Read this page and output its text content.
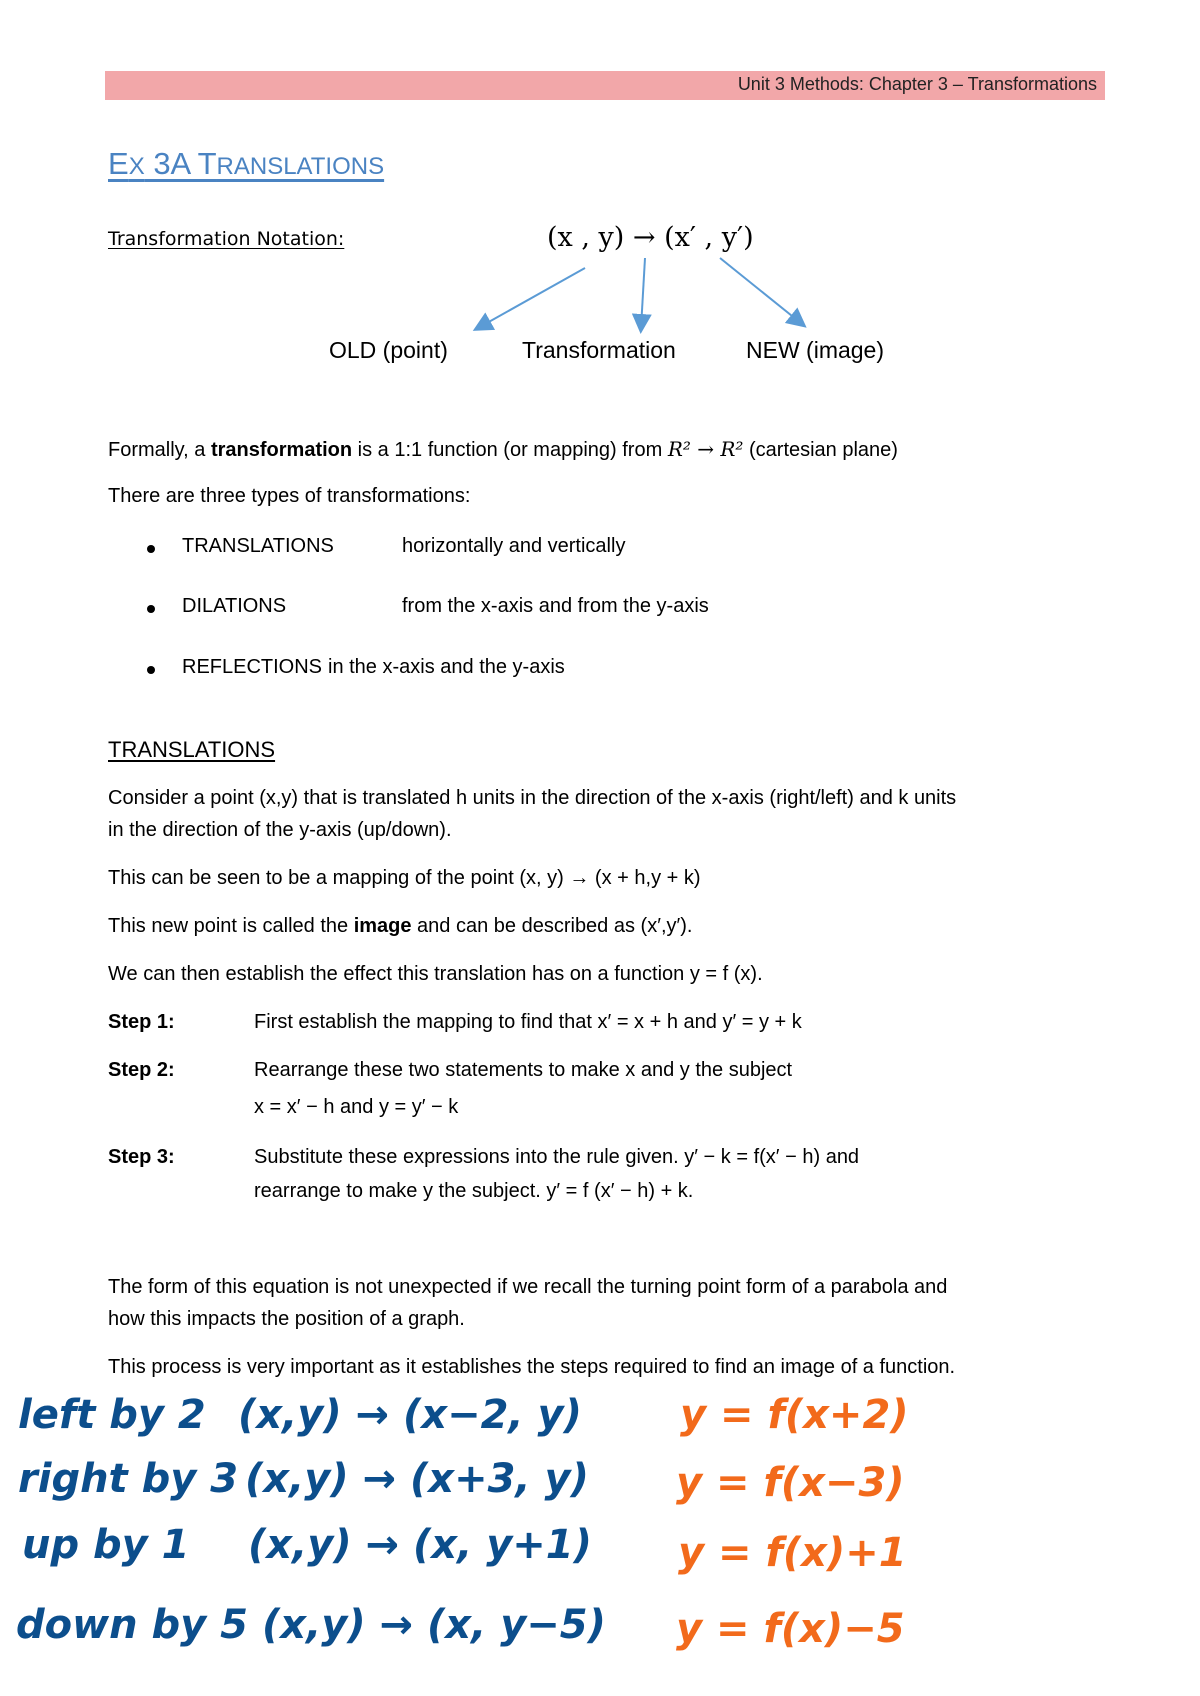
Unit 3 Methods: Chapter 3 – Transformations
EX 3A TRANSLATIONS
Transformation Notation:	(x , y) → (x′ , y′)
OLD (point)	Transformation	NEW (image)
Formally, a transformation is a 1:1 function (or mapping) from R² → R² (cartesian plane)
There are three types of transformations:
TRANSLATIONS	horizontally and vertically
DILATIONS	from the x-axis and from the y-axis
REFLECTIONS in the x-axis and the y-axis
TRANSLATIONS
Consider a point (x,y) that is translated h units in the direction of the x-axis (right/left) and k units
in the direction of the y-axis (up/down).
This can be seen to be a mapping of the point (x, y) → (x + h,y + k)
This new point is called the image and can be described as (x′,y′).
We can then establish the effect this translation has on a function y = f (x).
Step 1:	First establish the mapping to find that x′ = x + h and y′ = y + k
Step 2:	Rearrange these two statements to make x and y the subject
x = x′ − h and y = y′ − k
Step 3:	Substitute these expressions into the rule given. y′ − k = f(x′ − h) and
rearrange to make y the subject. y′ = f (x′ − h) + k.
The form of this equation is not unexpected if we recall the turning point form of a parabola and
how this impacts the position of a graph.
This process is very important as it establishes the steps required to find an image of a function.
left by 2 (x,y) → (x−2, y) y = f(x+2)
right by 3 (x,y) → (x+3, y) y = f(x−3)
up by 1 (x,y) → (x, y+1) y = f(x)+1
down by 5 (x,y) → (x, y−5) y = f(x)−5
